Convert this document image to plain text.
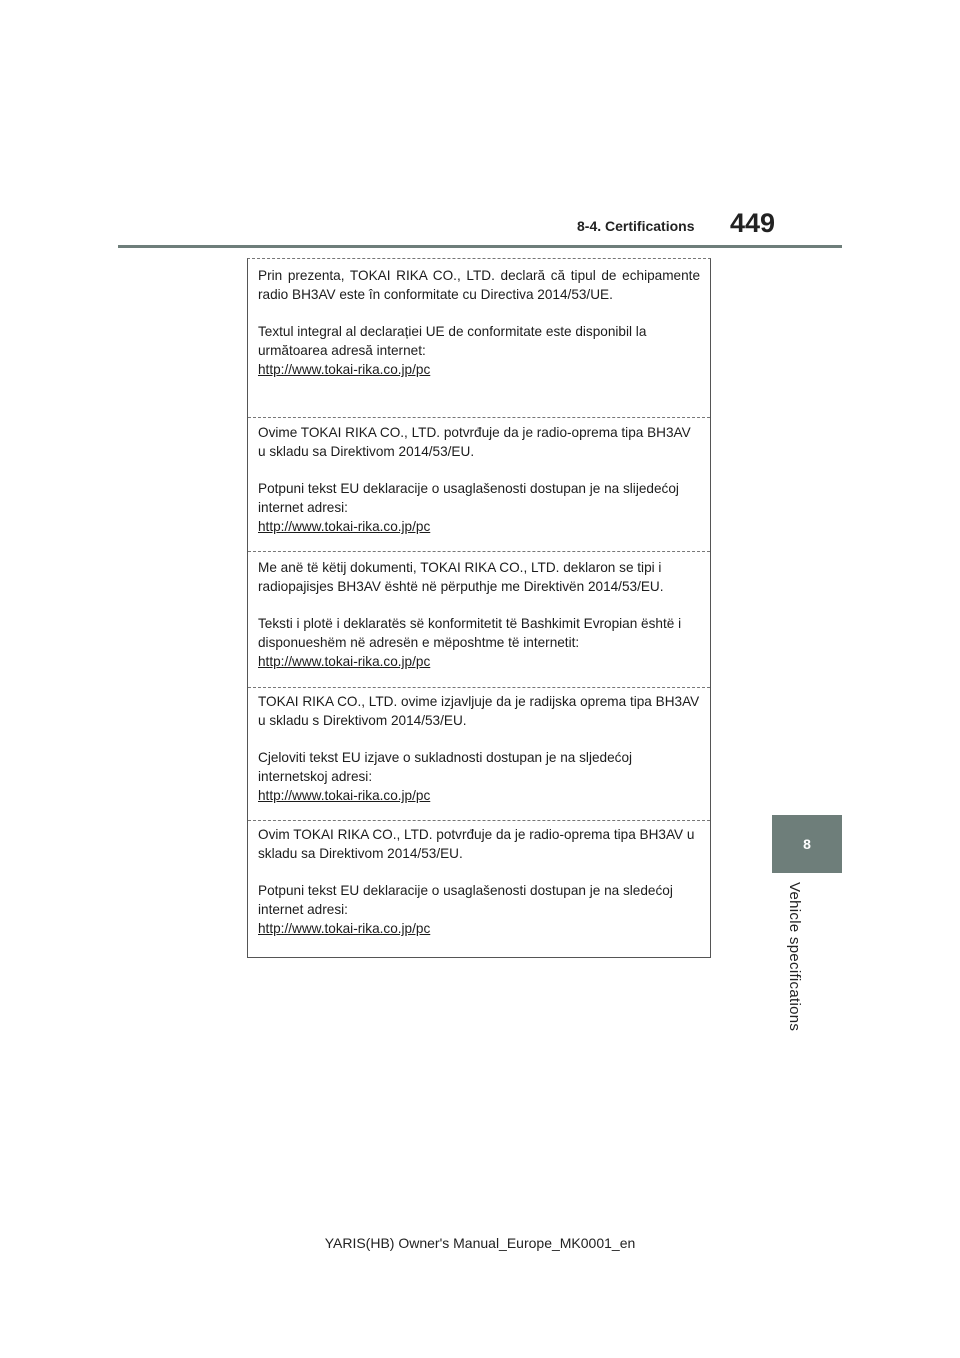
8-4. Certifications 449
8
Vehicle specifications

Prin prezenta, TOKAI RIKA CO., LTD. declară că tipul de echipamente radio BH3AV este în conformitate cu Directiva 2014/53/UE.

Textul integral al declarației UE de conformitate este disponibil la următoarea adresă internet:

http://www.tokai-rika.co.jp/pc

Ovime TOKAI RIKA CO., LTD. potvrđuje da je radio-oprema tipa BH3AV u skladu sa Direktivom 2014/53/EU.

Potpuni tekst EU deklaracije o usaglašenosti dostupan je na slijedećoj internet adresi:

http://www.tokai-rika.co.jp/pc

Me anë të këtij dokumenti, TOKAI RIKA CO., LTD. deklaron se tipi i radiopajisjes BH3AV është në përputhje me Direktivën 2014/53/EU.

Teksti i plotë i deklaratës së konformitetit të Bashkimit Evropian është i disponueshëm në adresën e mëposhtme të internetit:

http://www.tokai-rika.co.jp/pc

TOKAI RIKA CO., LTD. ovime izjavljuje da je radijska oprema tipa BH3AV u skladu s Direktivom 2014/53/EU.

Cjeloviti tekst EU izjave o sukladnosti dostupan je na sljedećoj internetskoj adresi:

http://www.tokai-rika.co.jp/pc

Ovim TOKAI RIKA CO., LTD. potvrđuje da je radio-oprema tipa BH3AV u skladu sa Direktivom 2014/53/EU.

Potpuni tekst EU deklaracije o usaglašenosti dostupan je na sledećoj internet adresi:

http://www.tokai-rika.co.jp/pc
YARIS(HB) Owner's Manual_Europe_MK0001_en
